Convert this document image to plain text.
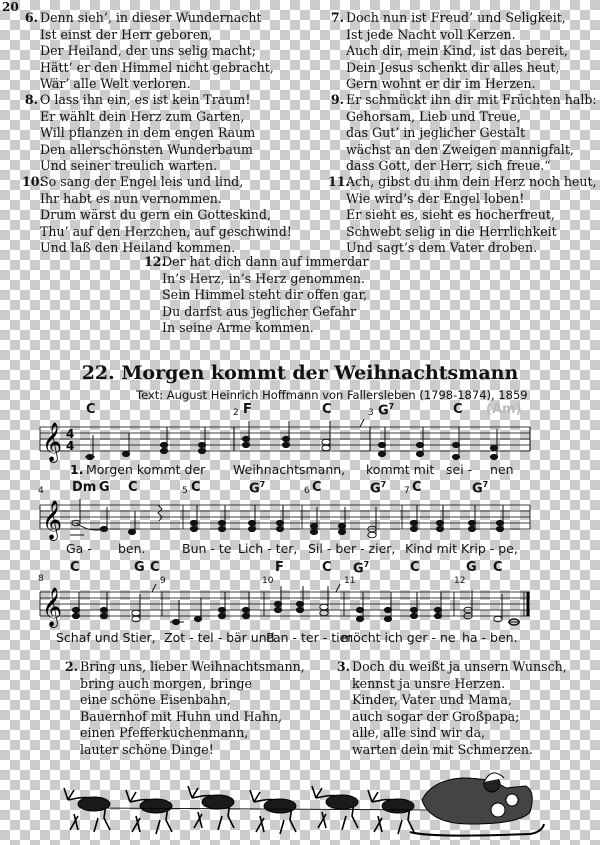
20
6. Denn sieh’, in dieser Wundernacht
Ist einst der Herr geboren,
Der Heiland, der uns selig macht;
Hätt’ er den Himmel nicht gebracht,
Wär’ alle Welt verloren.
7. Doch nun ist Freud’ und Seligkeit,
Ist jede Nacht voll Kerzen.
Auch dir, mein Kind, ist das bereit,
Dein Jesus schenkt dir alles heut,
Gern wohnt er dir im Herzen.
8. O lass ihn ein, es ist kein Traum!
Er wählt dein Herz zum Garten,
Will pflanzen in dem engen Raum
Den allerschönsten Wunderbaum
Und seiner treulich warten.
9. Er schmückt ihn dir mit Früchten halb:
Gehorsam, Lieb und Treue,
das Gut’ in jeglicher Gestalt
wächst an den Zweigen mannigfalt,
dass Gott, der Herr, sich freue.“
10.
So sang der Engel leis und lind,
Ihr habt es nun vernommen.
Drum wärst du gern ein Gotteskind,
Thu’ auf den Herzchen, auf geschwind!
Und laß den Heiland kommen.
11.
Ach, gibst du ihm dein Herz noch heut,
Wie wird’s der Engel loben!
Er sieht es, sieht es hocherfreut,
Schwebt selig in die Herrlichkeit
Und sagt’s dem Vater droben.
12.
Der hat dich dann auf immerdar
In’s Herz, in’s Herz genommen.
Sein Himmel steht dir offen gar,
Du darfst aus jeglicher Gefahr
In seine Arme kommen.
22. Morgen kommt der Weihnachtsmann
Text: August Heinrich Hoffmann von Fallersleben (1798-1874), 1859
C	2 F	C	3 $G^7$	C (Am)
𝄞 4
4
1. Morgen kommt der Weihnachtsmann, kommt mit sei - nen
4 Dm G C	5 C	$G^7$
6 C	$G^7$
7 C	$G^7$
𝄞
Ga - ben.	Bun - te Lich - ter, Sil - ber - zier, Kind mit Krip - pe,
C	G C	F	C $G^7$	C	G C
8	9	10	11	12
𝄞
Schaf und Stier, Zot - tel - bär und
Pan - ter - tier
möcht ich ger - ne ha - ben.
2. Bring uns, lieber Weihnachtsmann,
bring auch morgen, bringe
eine schöne Eisenbahn,
Bauernhof mit Huhn und Hahn,
einen Pfefferkuchenmann,
lauter schöne Dinge!
3. Doch du weißt ja unsern Wunsch,
kennst ja unsre Herzen.
Kinder, Vater und Mama,
auch sogar der Großpapa;
alle, alle sind wir da,
warten dein mit Schmerzen.
